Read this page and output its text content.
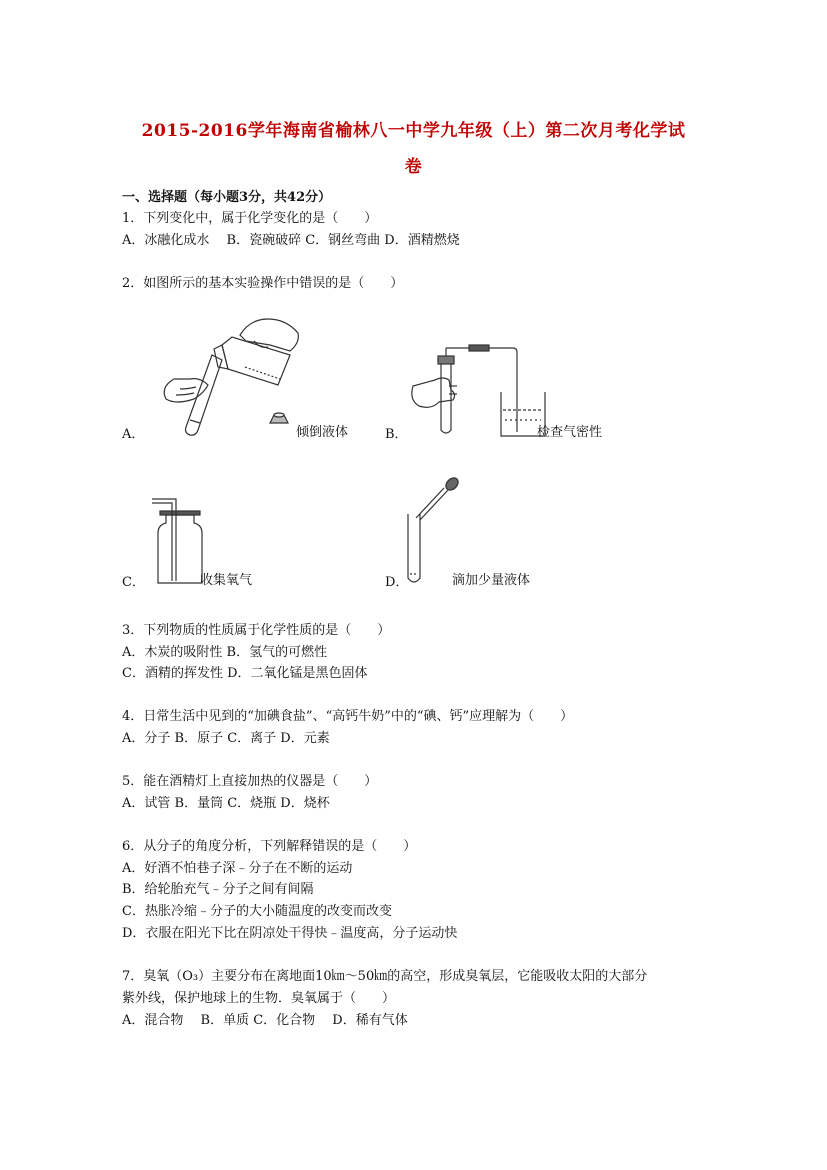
2015-2016学年海南省榆林八一中学九年级（上）第二次月考化学试
卷
一、选择题（每小题3分，共42分）
1．下列变化中，属于化学变化的是（　　）
A．冰融化成水　 B．瓷碗破碎 C．钢丝弯曲 D．酒精燃烧
2．如图所示的基本实验操作中错误的是（　　）
A．	倾倒液体	B．	检查气密性
C．	收集氧气	D．	滴加少量液体
3．下列物质的性质属于化学性质的是（　　）
A．木炭的吸附性 B．氢气的可燃性
C．酒精的挥发性 D．二氧化锰是黑色固体
4．日常生活中见到的“加碘食盐”、“高钙牛奶”中的“碘、钙”应理解为（　　）
A．分子 B．原子 C．离子 D．元素
5．能在酒精灯上直接加热的仪器是（　　）
A．试管 B．量筒 C．烧瓶 D．烧杯
6．从分子的角度分析，下列解释错误的是（　　）
A．好酒不怕巷子深﹣分子在不断的运动
B．给轮胎充气﹣分子之间有间隔
C．热胀冷缩﹣分子的大小随温度的改变而改变
D．衣服在阳光下比在阴凉处干得快﹣温度高，分子运动快
7．臭氧（O₃）主要分布在离地面10㎞～50㎞的高空，形成臭氧层，它能吸收太阳的大部分
紫外线，保护地球上的生物．臭氧属于（　　）
A．混合物　 B．单质 C．化合物　 D．稀有气体
